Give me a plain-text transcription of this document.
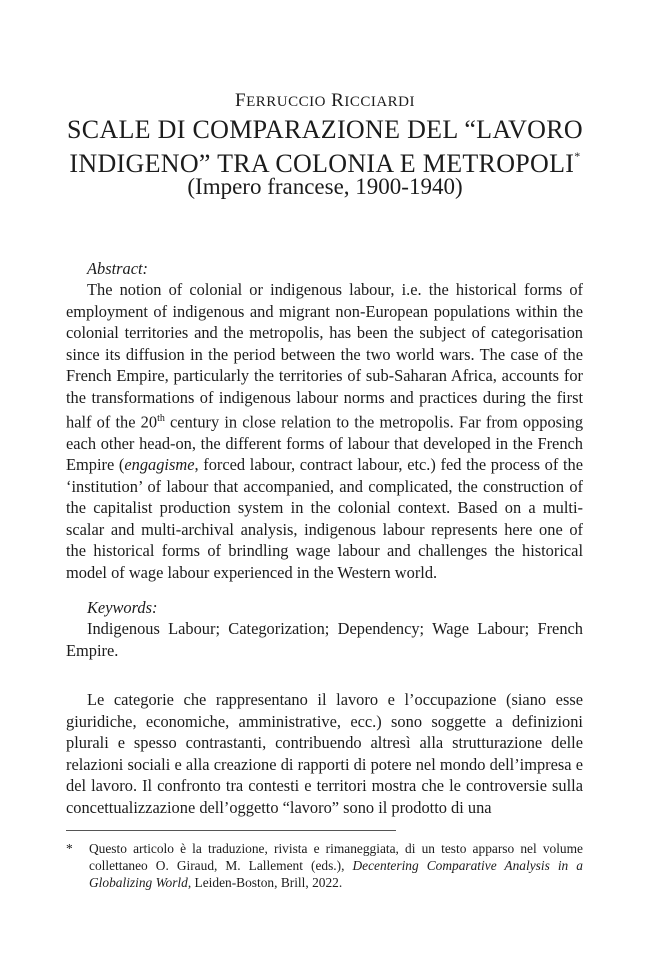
FERRUCCIO RICCIARDI
SCALE DI COMPARAZIONE DEL “LAVORO
INDIGENO” TRA COLONIA E METROPOLI*
(Impero francese, 1900-1940)

Abstract:

The notion of colonial or indigenous labour, i.e. the historical forms of employment of indigenous and migrant non-European populations within the colonial territories and the metropolis, has been the subject of categorisation since its diffusion in the period between the two world wars. The case of the French Empire, particularly the territories of sub-Saharan Africa, accounts for the transformations of indigenous labour norms and practices during the first half of the 20th century in close relation to the metropolis. Far from opposing each other head-on, the different forms of labour that developed in the French Empire (engagisme, forced labour, contract labour, etc.) fed the process of the ‘institution’ of labour that accompanied, and complicated, the construction of the capitalist production system in the colonial context. Based on a multi-scalar and multi-archival analysis, indigenous labour represents here one of the historical forms of brindling wage labour and challenges the historical model of wage labour experienced in the Western world.

Keywords:

Indigenous Labour; Categorization; Dependency; Wage Labour; French Empire.

Le categorie che rappresentano il lavoro e l’occupazione (siano esse giuridiche, economiche, amministrative, ecc.) sono soggette a definizioni plurali e spesso contrastanti, contribuendo altresì alla strutturazione delle relazioni sociali e alla creazione di rapporti di potere nel mondo dell’impresa e del lavoro. Il confronto tra contesti e territori mostra che le controversie sulla concettualizzazione dell’oggetto “lavoro” sono il prodotto di una

* Questo articolo è la traduzione, rivista e rimaneggiata, di un testo apparso nel volume collettaneo O. Giraud, M. Lallement (eds.), Decentering Comparative Analysis in a Globalizing World, Leiden-Boston, Brill, 2022.
